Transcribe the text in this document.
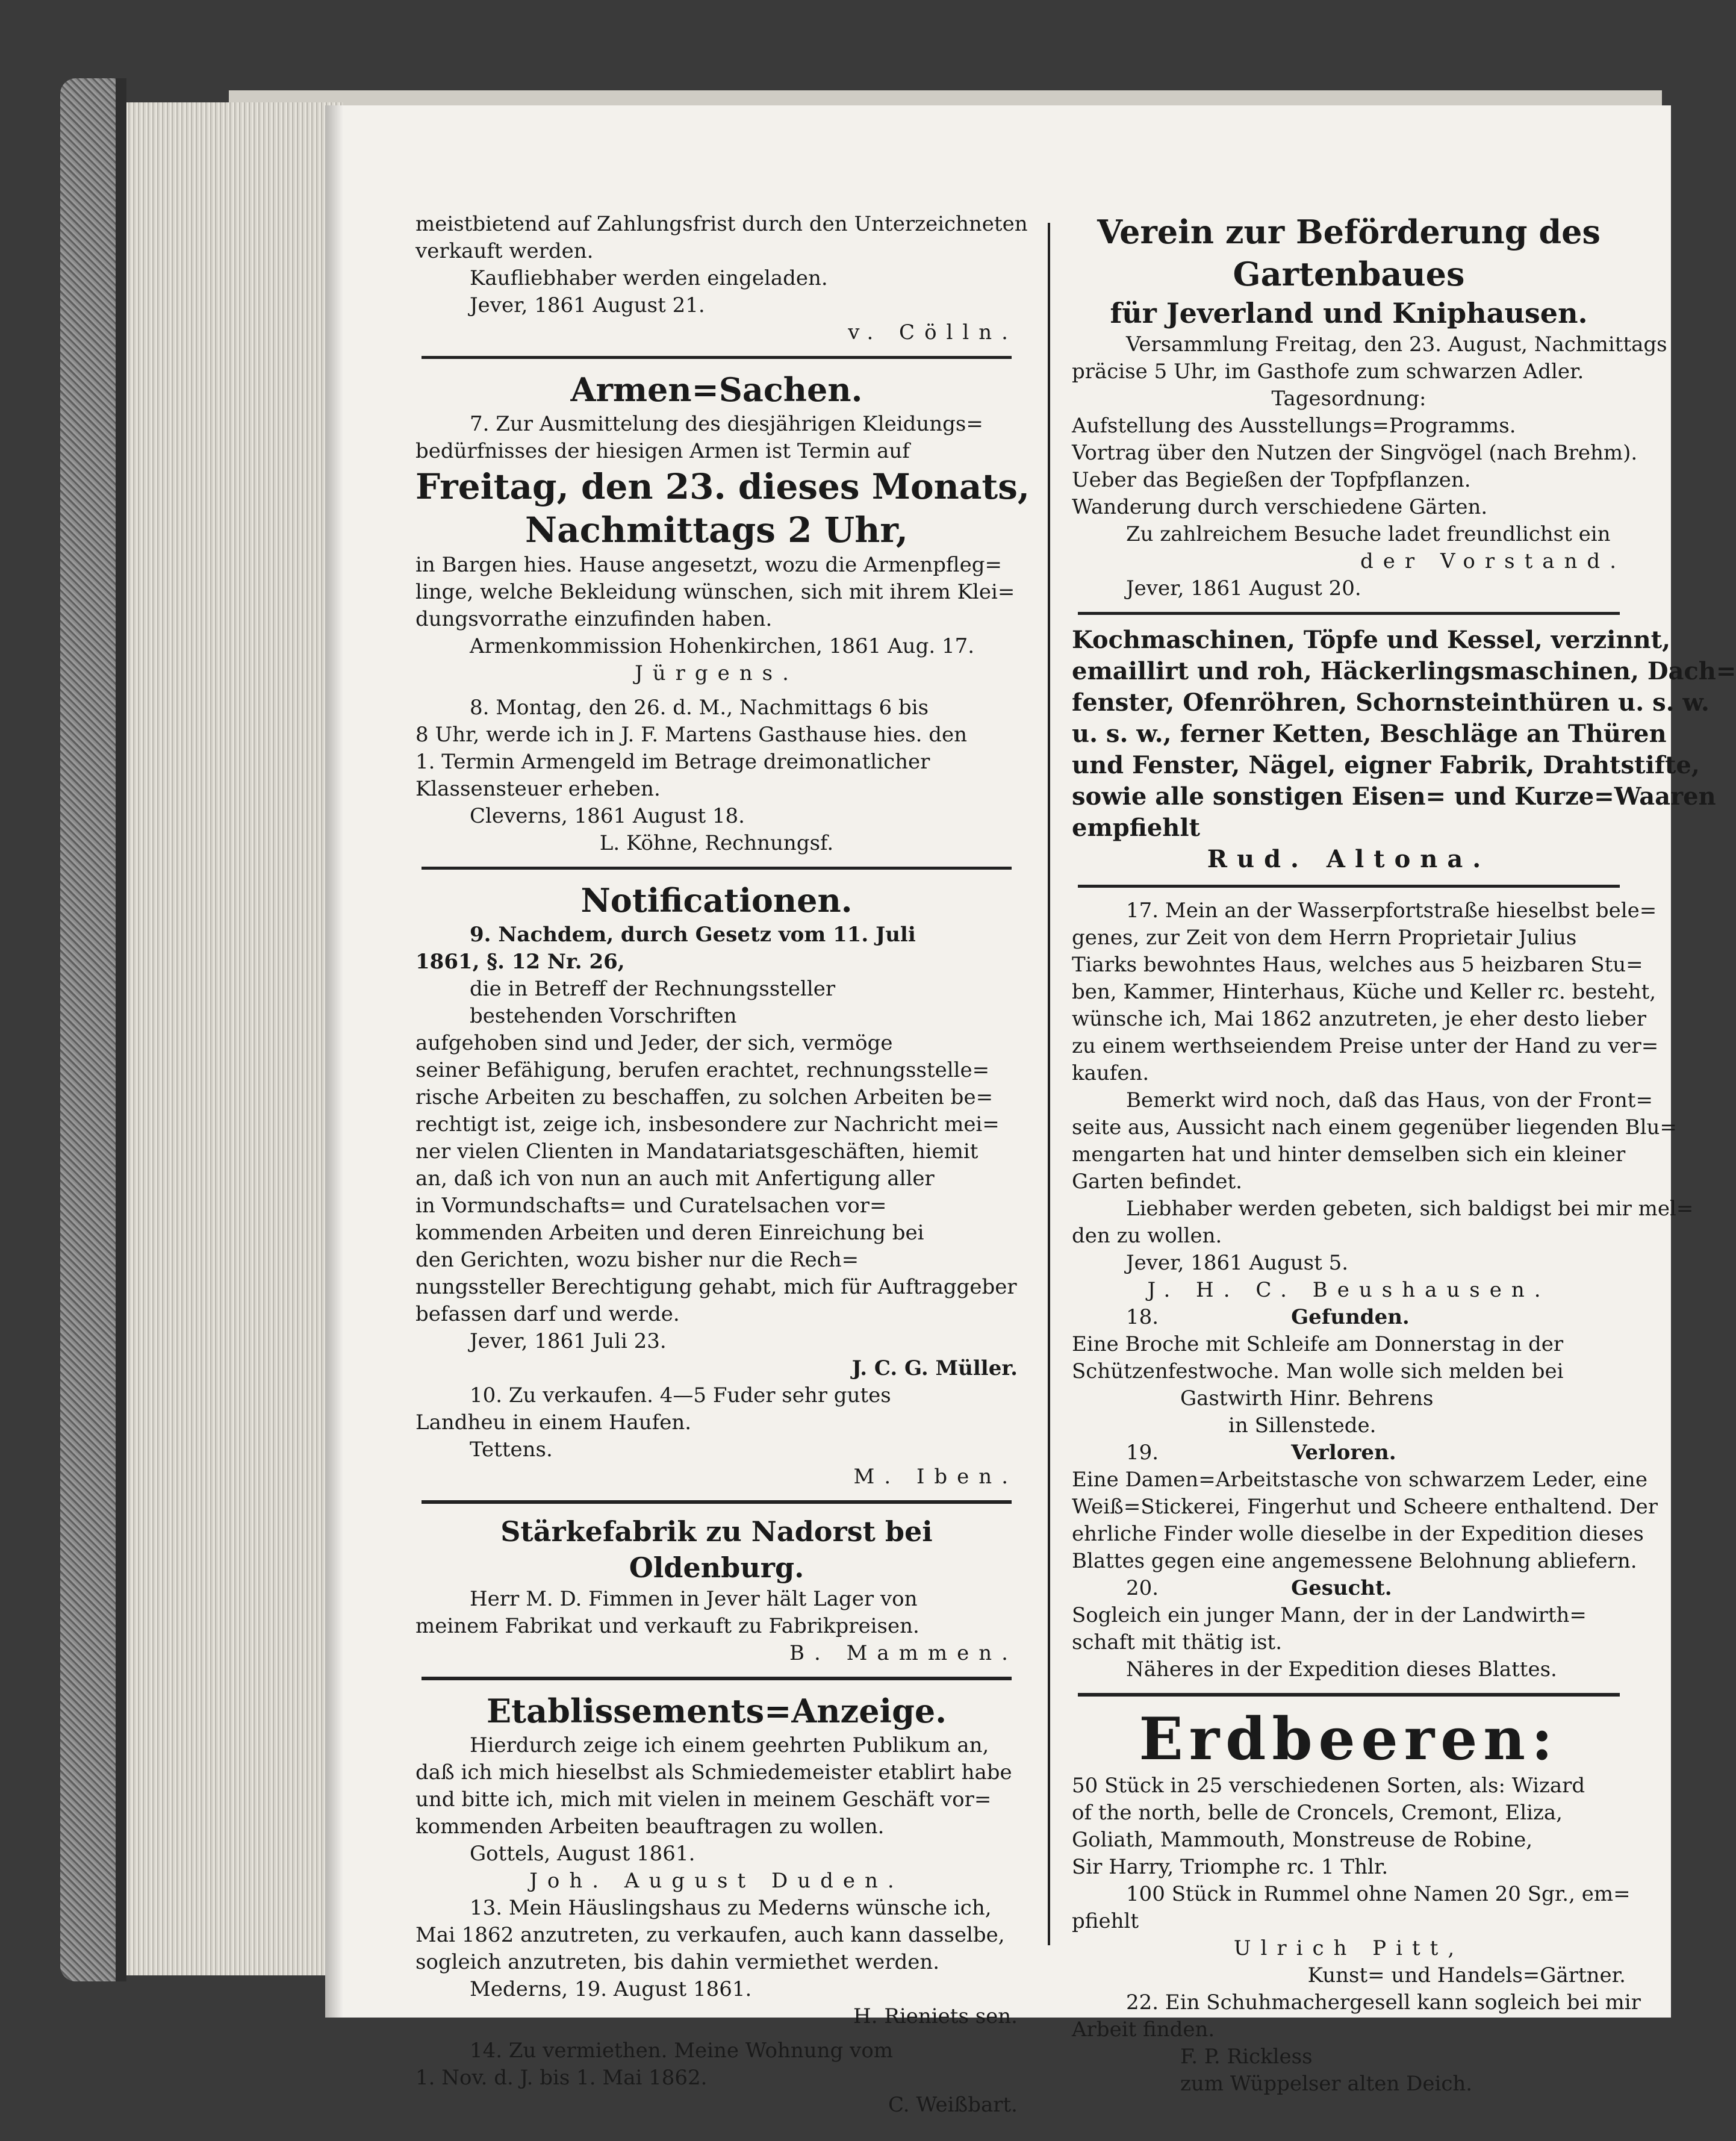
meistbietend auf Zahlungsfrist durch den Unterzeichneten
verkauft werden.
Kaufliebhaber werden eingeladen.
Jever, 1861 August 21.
v. Cölln.
Armen=Sachen.
7. Zur Ausmittelung des diesjährigen Kleidungs=
bedürfnisses der hiesigen Armen ist Termin auf
Freitag, den 23. dieses Monats,
Nachmittags 2 Uhr,
in Bargen hies. Hause angesetzt, wozu die Armenpfleg=
linge, welche Bekleidung wünschen, sich mit ihrem Klei=
dungsvorrathe einzufinden haben.
Armenkommission Hohenkirchen, 1861 Aug. 17.
Jürgens.
8. Montag, den 26. d. M., Nachmittags 6 bis
8 Uhr, werde ich in J. F. Martens Gasthause hies. den
1. Termin Armengeld im Betrage dreimonatlicher
Klassensteuer erheben.
Cleverns, 1861 August 18.
L. Köhne, Rechnungsf.
Notificationen.
9. Nachdem, durch Gesetz vom 11. Juli
1861, §. 12 Nr. 26,
die in Betreff der Rechnungssteller
bestehenden Vorschriften
aufgehoben sind und Jeder, der sich, vermöge
seiner Befähigung, berufen erachtet, rechnungsstelle=
rische Arbeiten zu beschaffen, zu solchen Arbeiten be=
rechtigt ist, zeige ich, insbesondere zur Nachricht mei=
ner vielen Clienten in Mandatariatsgeschäften, hiemit
an, daß ich von nun an auch mit Anfertigung aller
in Vormundschafts= und Curatelsachen vor=
kommenden Arbeiten und deren Einreichung bei
den Gerichten, wozu bisher nur die Rech=
nungssteller Berechtigung gehabt, mich für Auftraggeber
befassen darf und werde.
Jever, 1861 Juli 23.
J. C. G. Müller.
10. Zu verkaufen. 4—5 Fuder sehr gutes
Landheu in einem Haufen.
Tettens.
M. Iben.
Stärkefabrik zu Nadorst bei Oldenburg.
Herr M. D. Fimmen in Jever hält Lager von
meinem Fabrikat und verkauft zu Fabrikpreisen.
B. Mammen.
Etablissements=Anzeige.
Hierdurch zeige ich einem geehrten Publikum an,
daß ich mich hieselbst als Schmiedemeister etablirt habe
und bitte ich, mich mit vielen in meinem Geschäft vor=
kommenden Arbeiten beauftragen zu wollen.
Gottels, August 1861.
Joh. August Duden.
13. Mein Häuslingshaus zu Mederns wünsche ich,
Mai 1862 anzutreten, zu verkaufen, auch kann dasselbe,
sogleich anzutreten, bis dahin vermiethet werden.
Mederns, 19. August 1861.
H. Rieniets sen.
14. Zu vermiethen. Meine Wohnung vom
1. Nov. d. J. bis 1. Mai 1862.
C. Weißbart.
Verein zur Beförderung des
Gartenbaues
für Jeverland und Kniphausen.
Versammlung Freitag, den 23. August, Nachmittags
präcise 5 Uhr, im Gasthofe zum schwarzen Adler.
Tagesordnung:
Aufstellung des Ausstellungs=Programms.
Vortrag über den Nutzen der Singvögel (nach Brehm).
Ueber das Begießen der Topfpflanzen.
Wanderung durch verschiedene Gärten.
Zu zahlreichem Besuche ladet freundlichst ein
der Vorstand.
Jever, 1861 August 20.
Kochmaschinen, Töpfe und Kessel, verzinnt,
emaillirt und roh, Häckerlingsmaschinen, Dach=
fenster, Ofenröhren, Schornsteinthüren u. s. w.
u. s. w., ferner Ketten, Beschläge an Thüren
und Fenster, Nägel, eigner Fabrik, Drahtstifte,
sowie alle sonstigen Eisen= und Kurze=Waaren
empfiehlt
Rud. Altona.
17. Mein an der Wasserpfortstraße hieselbst bele=
genes, zur Zeit von dem Herrn Proprietair Julius
Tiarks bewohntes Haus, welches aus 5 heizbaren Stu=
ben, Kammer, Hinterhaus, Küche und Keller rc. besteht,
wünsche ich, Mai 1862 anzutreten, je eher desto lieber
zu einem werthseiendem Preise unter der Hand zu ver=
kaufen.
Bemerkt wird noch, daß das Haus, von der Front=
seite aus, Aussicht nach einem gegenüber liegenden Blu=
mengarten hat und hinter demselben sich ein kleiner
Garten befindet.
Liebhaber werden gebeten, sich baldigst bei mir mel=
den zu wollen.
Jever, 1861 August 5.
J. H. C. Beushausen.
18.	Gefunden.
Eine Broche mit Schleife am Donnerstag in der
Schützenfestwoche. Man wolle sich melden bei
Gastwirth Hinr. Behrens
in Sillenstede.
19.	Verloren.
Eine Damen=Arbeitstasche von schwarzem Leder, eine
Weiß=Stickerei, Fingerhut und Scheere enthaltend. Der
ehrliche Finder wolle dieselbe in der Expedition dieses
Blattes gegen eine angemessene Belohnung abliefern.
20.	Gesucht.
Sogleich ein junger Mann, der in der Landwirth=
schaft mit thätig ist.
Näheres in der Expedition dieses Blattes.
Erdbeeren:
50 Stück in 25 verschiedenen Sorten, als: Wizard
of the north, belle de Croncels, Cremont, Eliza,
Goliath, Mammouth, Monstreuse de Robine,
Sir Harry, Triomphe rc. 1 Thlr.
100 Stück in Rummel ohne Namen 20 Sgr., em=
pfiehlt
Ulrich Pitt,
Kunst= und Handels=Gärtner.
22. Ein Schuhmachergesell kann sogleich bei mir
Arbeit finden.
F. P. Rickless
zum Wüppelser alten Deich.
